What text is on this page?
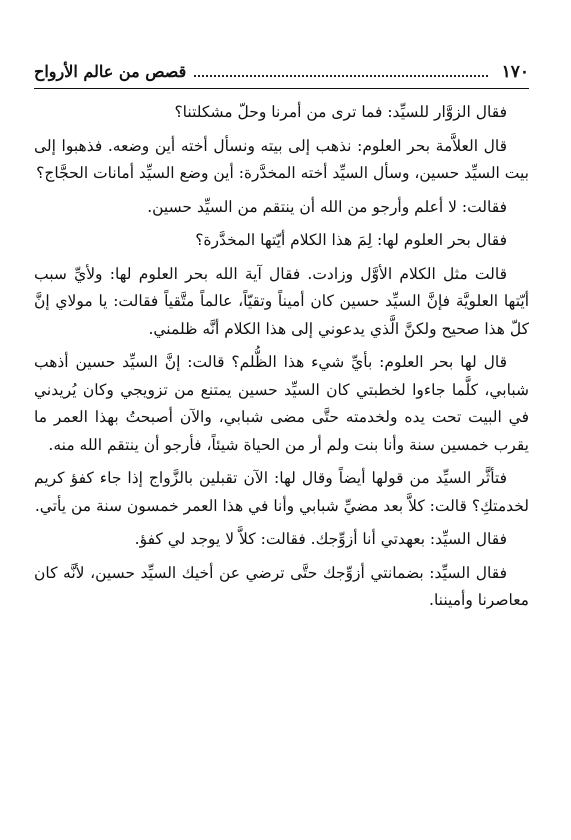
١٧٠
قصص من عالم الأرواح

فقال الزوَّار للسيِّد: فما ترى من أمرنا وحلّ مشكلتنا؟

قال العلاَّمة بحر العلوم: نذهب إلى بيته ونسأل أخته أين وضعه. فذهبوا إلى بيت السيِّد حسين، وسأل السيِّد أخته المخدَّرة: أين وضع السيِّد أمانات الحجَّاج؟

فقالت: لا أعلم وأرجو من الله أن ينتقم من السيِّد حسين.

فقال بحر العلوم لها: لِمَ هذا الكلام أيّتها المخدَّرة؟

قالت مثل الكلام الأوَّل وزادت. فقال آية الله بحر العلوم لها: ولأيِّ سبب أيّتها العلويَّة فإنَّ السيِّد حسين كان أميناً وتقيّاً، عالماً متَّقياً فقالت: يا مولاي إنَّ كلّ هذا صحيح ولكنَّ الَّذي يدعوني إلى هذا الكلام أنَّه ظلمني.

قال لها بحر العلوم: بأيِّ شيء هذا الظُّلم؟ قالت: إنَّ السيِّد حسين أذهب شبابي، كلَّما جاءوا لخطبتي كان السيِّد حسين يمتنع من تزويجي وكان يُريدني في البيت تحت يده ولخدمته حتَّى مضى شبابي، والآن أصبحتُ بهذا العمر ما يقرب خمسين سنة وأنا بنت ولم أر من الحياة شيئاً، فأرجو أن ينتقم الله منه.

فتأثَّر السيِّد من قولها أيضاً وقال لها: الآن تقبلين بالزَّواج إذا جاء كفؤ كريم لخدمتكِ؟ قالت: كلاَّ بعد مضيِّ شبابي وأنا في هذا العمر خمسون سنة من يأتي.

فقال السيِّد: بعهدتي أنا أزوِّجك. فقالت: كلاَّ لا يوجد لي كفؤ.

فقال السيِّد: بضمانتي أزوِّجك حتَّى ترضي عن أخيك السيِّد حسين، لأنَّه كان معاصرنا وأميننا.
